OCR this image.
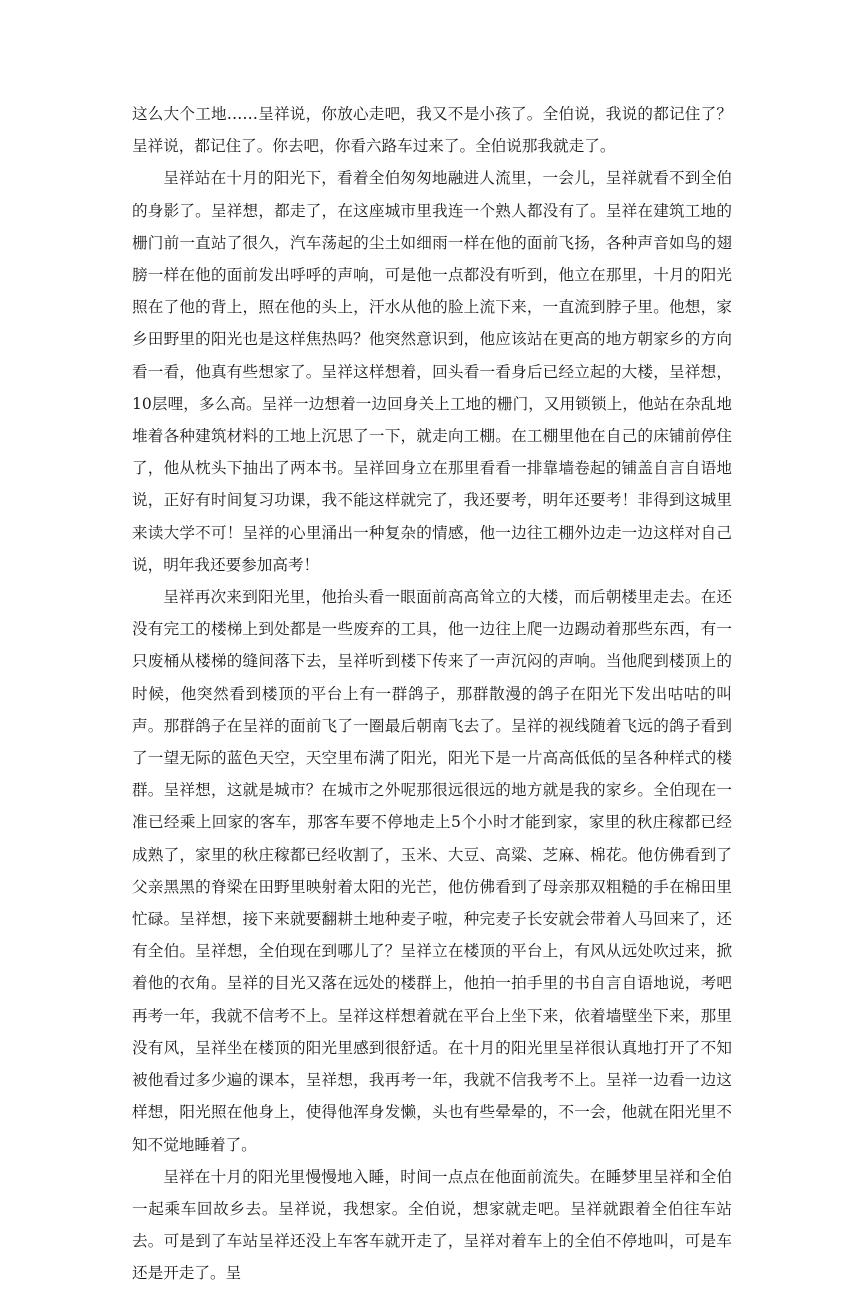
这么大个工地……呈祥说，你放心走吧，我又不是小孩了。全伯说，我说的都记住了？呈祥说，都记住了。你去吧，你看六路车过来了。全伯说那我就走了。

呈祥站在十月的阳光下，看着全伯匆匆地融进人流里，一会儿，呈祥就看不到全伯的身影了。呈祥想，都走了，在这座城市里我连一个熟人都没有了。呈祥在建筑工地的栅门前一直站了很久，汽车荡起的尘土如细雨一样在他的面前飞扬，各种声音如鸟的翅膀一样在他的面前发出呼呼的声响，可是他一点都没有听到，他立在那里，十月的阳光照在了他的背上，照在他的头上，汗水从他的脸上流下来，一直流到脖子里。他想，家乡田野里的阳光也是这样焦热吗？他突然意识到，他应该站在更高的地方朝家乡的方向看一看，他真有些想家了。呈祥这样想着，回头看一看身后已经立起的大楼，呈祥想，10层哩，多么高。呈祥一边想着一边回身关上工地的栅门，又用锁锁上，他站在杂乱地堆着各种建筑材料的工地上沉思了一下，就走向工棚。在工棚里他在自己的床铺前停住了，他从枕头下抽出了两本书。呈祥回身立在那里看看一排靠墙卷起的铺盖自言自语地说，正好有时间复习功课，我不能这样就完了，我还要考，明年还要考！非得到这城里来读大学不可！呈祥的心里涌出一种复杂的情感，他一边往工棚外边走一边这样对自己说，明年我还要参加高考！

呈祥再次来到阳光里，他抬头看一眼面前高高耸立的大楼，而后朝楼里走去。在还没有完工的楼梯上到处都是一些废弃的工具，他一边往上爬一边踢动着那些东西，有一只废桶从楼梯的缝间落下去，呈祥听到楼下传来了一声沉闷的声响。当他爬到楼顶上的时候，他突然看到楼顶的平台上有一群鸽子，那群散漫的鸽子在阳光下发出咕咕的叫声。那群鸽子在呈祥的面前飞了一圈最后朝南飞去了。呈祥的视线随着飞远的鸽子看到了一望无际的蓝色天空，天空里布满了阳光，阳光下是一片高高低低的呈各种样式的楼群。呈祥想，这就是城市？在城市之外呢那很远很远的地方就是我的家乡。全伯现在一准已经乘上回家的客车，那客车要不停地走上5个小时才能到家，家里的秋庄稼都已经成熟了，家里的秋庄稼都已经收割了，玉米、大豆、高粱、芝麻、棉花。他仿佛看到了父亲黑黑的脊梁在田野里映射着太阳的光芒，他仿佛看到了母亲那双粗糙的手在棉田里忙碌。呈祥想，接下来就要翻耕土地种麦子啦，种完麦子长安就会带着人马回来了，还有全伯。呈祥想，全伯现在到哪儿了？呈祥立在楼顶的平台上，有风从远处吹过来，掀着他的衣角。呈祥的目光又落在远处的楼群上，他拍一拍手里的书自言自语地说，考吧再考一年，我就不信考不上。呈祥这样想着就在平台上坐下来，依着墙壁坐下来，那里没有风，呈祥坐在楼顶的阳光里感到很舒适。在十月的阳光里呈祥很认真地打开了不知被他看过多少遍的课本，呈祥想，我再考一年，我就不信我考不上。呈祥一边看一边这样想，阳光照在他身上，使得他浑身发懒，头也有些晕晕的，不一会，他就在阳光里不知不觉地睡着了。

呈祥在十月的阳光里慢慢地入睡，时间一点点在他面前流失。在睡梦里呈祥和全伯一起乘车回故乡去。呈祥说，我想家。全伯说，想家就走吧。呈祥就跟着全伯往车站去。可是到了车站呈祥还没上车客车就开走了，呈祥对着车上的全伯不停地叫，可是车还是开走了。呈
